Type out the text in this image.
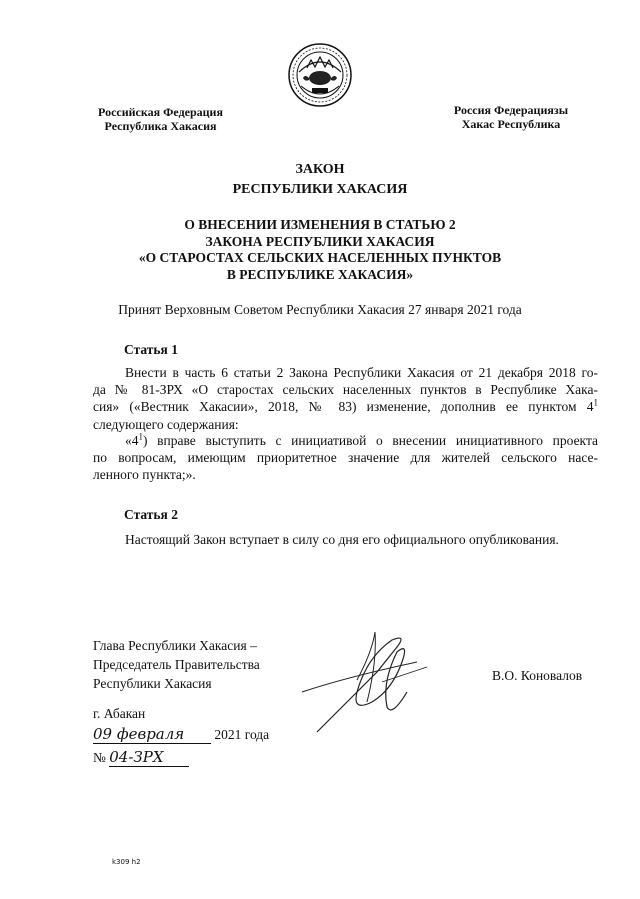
Российская Федерация
Республика Хакасия
Россия Федерациязы
Хакас Республика
ЗАКОН
РЕСПУБЛИКИ ХАКАСИЯ
О ВНЕСЕНИИ ИЗМЕНЕНИЯ В СТАТЬЮ 2
ЗАКОНА РЕСПУБЛИКИ ХАКАСИЯ
«О СТАРОСТАХ СЕЛЬСКИХ НАСЕЛЕННЫХ ПУНКТОВ
В РЕСПУБЛИКЕ ХАКАСИЯ»
Принят Верховным Советом Республики Хакасия 27 января 2021 года
Статья 1
Внести в часть 6 статьи 2 Закона Республики Хакасия от 21 декабря 2018 го-
да № 81-ЗРХ «О старостах сельских населенных пунктов в Республике Хака-
сия» («Вестник Хакасии», 2018, № 83) изменение, дополнив ее пунктом $4^1$
следующего содержания:
«$4^1$) вправе выступить с инициативой о внесении инициативного проекта
по вопросам, имеющим приоритетное значение для жителей сельского насе-
ленного пункта;».
Статья 2
Настоящий Закон вступает в силу со дня его официального опубликования.
Глава Республики Хакасия –
Председатель Правительства
Республики Хакасия
В.О. Коновалов
г. Абакан
09 февраля 2021 года
№ 04-ЗРХ
k309 h2
